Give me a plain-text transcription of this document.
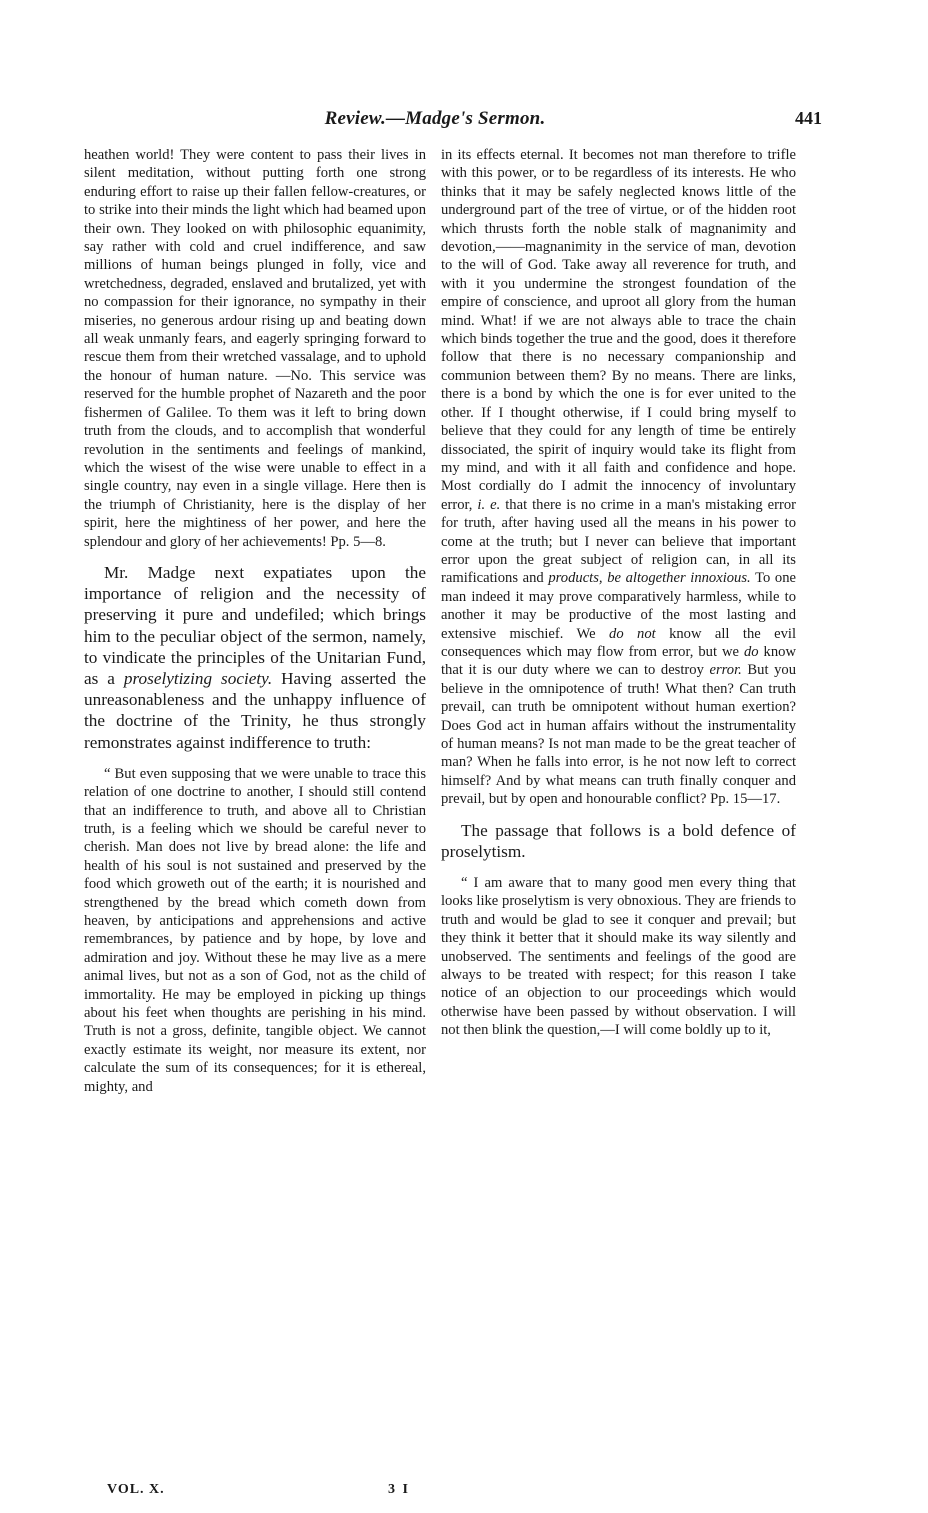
Review.—Madge's Sermon.	441

heathen world! They were content to pass their lives in silent meditation, without putting forth one strong enduring effort to raise up their fallen fellow-creatures, or to strike into their minds the light which had beamed upon their own. They looked on with philosophic equanimity, say rather with cold and cruel indifference, and saw millions of human beings plunged in folly, vice and wretchedness, degraded, enslaved and brutalized, yet with no compassion for their ignorance, no sympathy in their miseries, no generous ardour rising up and beating down all weak unmanly fears, and eagerly springing forward to rescue them from their wretched vassalage, and to uphold the honour of human nature. —No. This service was reserved for the humble prophet of Nazareth and the poor fishermen of Galilee. To them was it left to bring down truth from the clouds, and to accomplish that wonderful revolution in the sentiments and feelings of mankind, which the wisest of the wise were unable to effect in a single country, nay even in a single village. Here then is the triumph of Christianity, here is the display of her spirit, here the mightiness of her power, and here the splendour and glory of her achievements! Pp. 5—8.

Mr. Madge next expatiates upon the importance of religion and the necessity of preserving it pure and undefiled; which brings him to the peculiar object of the sermon, namely, to vindicate the principles of the Unitarian Fund, as a proselytizing society. Having asserted the unreasonableness and the unhappy influence of the doctrine of the Trinity, he thus strongly remonstrates against indifference to truth:

“ But even supposing that we were unable to trace this relation of one doctrine to another, I should still contend that an indifference to truth, and above all to Christian truth, is a feeling which we should be careful never to cherish. Man does not live by bread alone: the life and health of his soul is not sustained and preserved by the food which groweth out of the earth; it is nourished and strengthened by the bread which cometh down from heaven, by anticipations and apprehensions and active remembrances, by patience and by hope, by love and admiration and joy. Without these he may live as a mere animal lives, but not as a son of God, not as the child of immortality. He may be employed in picking up things about his feet when thoughts are perishing in his mind. Truth is not a gross, definite, tangible object. We cannot exactly estimate its weight, nor measure its extent, nor calculate the sum of its consequences; for it is ethereal, mighty, and

in its effects eternal. It becomes not man therefore to trifle with this power, or to be regardless of its interests. He who thinks that it may be safely neglected knows little of the underground part of the tree of virtue, or of the hidden root which thrusts forth the noble stalk of magnanimity and devotion,——magnanimity in the service of man, devotion to the will of God. Take away all reverence for truth, and with it you undermine the strongest foundation of the empire of conscience, and uproot all glory from the human mind. What! if we are not always able to trace the chain which binds together the true and the good, does it therefore follow that there is no necessary companionship and communion between them? By no means. There are links, there is a bond by which the one is for ever united to the other. If I thought otherwise, if I could bring myself to believe that they could for any length of time be entirely dissociated, the spirit of inquiry would take its flight from my mind, and with it all faith and confidence and hope. Most cordially do I admit the innocency of involuntary error, i. e. that there is no crime in a man's mistaking error for truth, after having used all the means in his power to come at the truth; but I never can believe that important error upon the great subject of religion can, in all its ramifications and products, be altogether innoxious. To one man indeed it may prove comparatively harmless, while to another it may be productive of the most lasting and extensive mischief. We do not know all the evil consequences which may flow from error, but we do know that it is our duty where we can to destroy error. But you believe in the omnipotence of truth! What then? Can truth prevail, can truth be omnipotent without human exertion? Does God act in human affairs without the instrumentality of human means? Is not man made to be the great teacher of man? When he falls into error, is he not now left to correct himself? And by what means can truth finally conquer and prevail, but by open and honourable conflict? Pp. 15—17.

The passage that follows is a bold defence of proselytism.

“ I am aware that to many good men every thing that looks like proselytism is very obnoxious. They are friends to truth and would be glad to see it conquer and prevail; but they think it better that it should make its way silently and unobserved. The sentiments and feelings of the good are always to be treated with respect; for this reason I take notice of an objection to our proceedings which would otherwise have been passed by without observation. I will not then blink the question,—I will come boldly up to it,

VOL. X.	3 I
